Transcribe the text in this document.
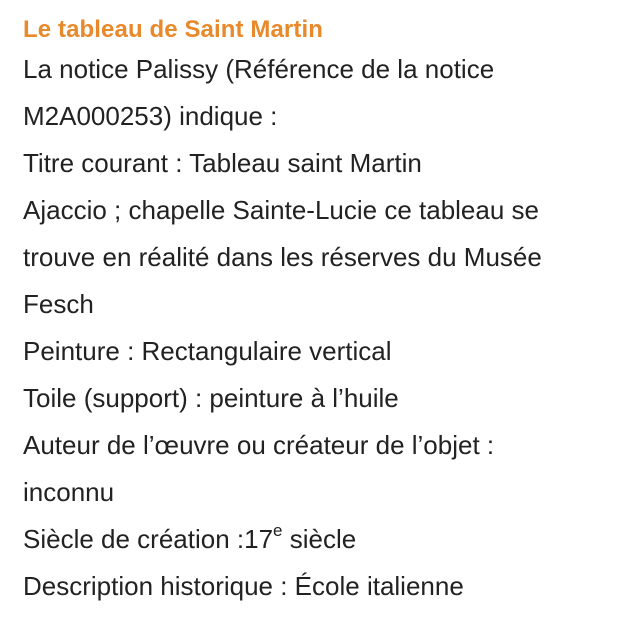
Le tableau de Saint Martin
La notice Palissy (Référence de la notice
M2A000253) indique :
Titre courant : Tableau saint Martin
Ajaccio ; chapelle Sainte-Lucie ce tableau se
trouve en réalité dans les réserves du Musée
Fesch
Peinture : Rectangulaire vertical
Toile (support) : peinture à l’huile
Auteur de l’œuvre ou créateur de l’objet :
inconnu
Siècle de création :17e siècle
Description historique : École italienne
